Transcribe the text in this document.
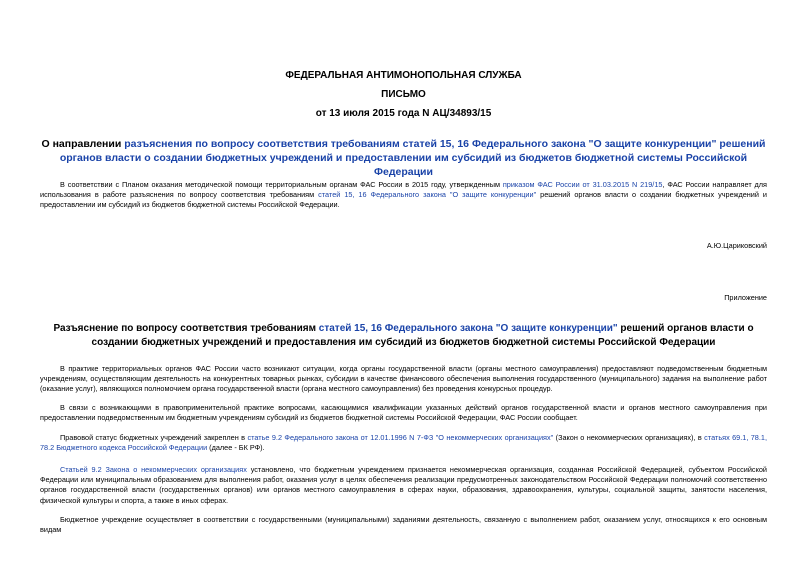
ФЕДЕРАЛЬНАЯ АНТИМОНОПОЛЬНАЯ СЛУЖБА
ПИСЬМО
от 13 июля 2015 года N АЦ/34893/15
О направлении разъяснения по вопросу соответствия требованиям статей 15, 16 Федерального закона "О защите конкуренции" решений органов власти о создании бюджетных учреждений и предоставлении им субсидий из бюджетов бюджетной системы Российской Федерации
В соответствии с Планом оказания методической помощи территориальным органам ФАС России в 2015 году, утвержденным приказом ФАС России от 31.03.2015 N 219/15, ФАС России направляет для использования в работе разъяснения по вопросу соответствия требованиям статей 15, 16 Федерального закона "О защите конкуренции" решений органов власти о создании бюджетных учреждений и предоставлении им субсидий из бюджетов бюджетной системы Российской Федерации.
А.Ю.Цариковский
Приложение
Разъяснение по вопросу соответствия требованиям статей 15, 16 Федерального закона "О защите конкуренции" решений органов власти о создании бюджетных учреждений и предоставления им субсидий из бюджетов бюджетной системы Российской Федерации
В практике территориальных органов ФАС России часто возникают ситуации, когда органы государственной власти (органы местного самоуправления) предоставляют подведомственным бюджетным учреждениям, осуществляющим деятельность на конкурентных товарных рынках, субсидии в качестве финансового обеспечения выполнения государственного (муниципального) задания на выполнение работ (оказание услуг), являющихся полномочием органа государственной власти (органа местного самоуправления) без проведения конкурсных процедур.
В связи с возникающими в правоприменительной практике вопросами, касающимися квалификации указанных действий органов государственной власти и органов местного самоуправления при предоставлении подведомственным им бюджетным учреждениям субсидий из бюджетов бюджетной системы Российской Федерации, ФАС России сообщает.
Правовой статус бюджетных учреждений закреплен в статье 9.2 Федерального закона от 12.01.1996 N 7-ФЗ "О некоммерческих организациях" (Закон о некоммерческих организациях), в статьях 69.1, 78.1, 78.2 Бюджетного кодекса Российской Федерации (далее - БК РФ).
Статьей 9.2 Закона о некоммерческих организациях установлено, что бюджетным учреждением признается некоммерческая организация, созданная Российской Федерацией, субъектом Российской Федерации или муниципальным образованием для выполнения работ, оказания услуг в целях обеспечения реализации предусмотренных законодательством Российской Федерации полномочий соответственно органов государственной власти (государственных органов) или органов местного самоуправления в сферах науки, образования, здравоохранения, культуры, социальной защиты, занятости населения, физической культуры и спорта, а также в иных сферах.
Бюджетное учреждение осуществляет в соответствии с государственными (муниципальными) заданиями деятельность, связанную с выполнением работ, оказанием услуг, относящихся к его основным видам
